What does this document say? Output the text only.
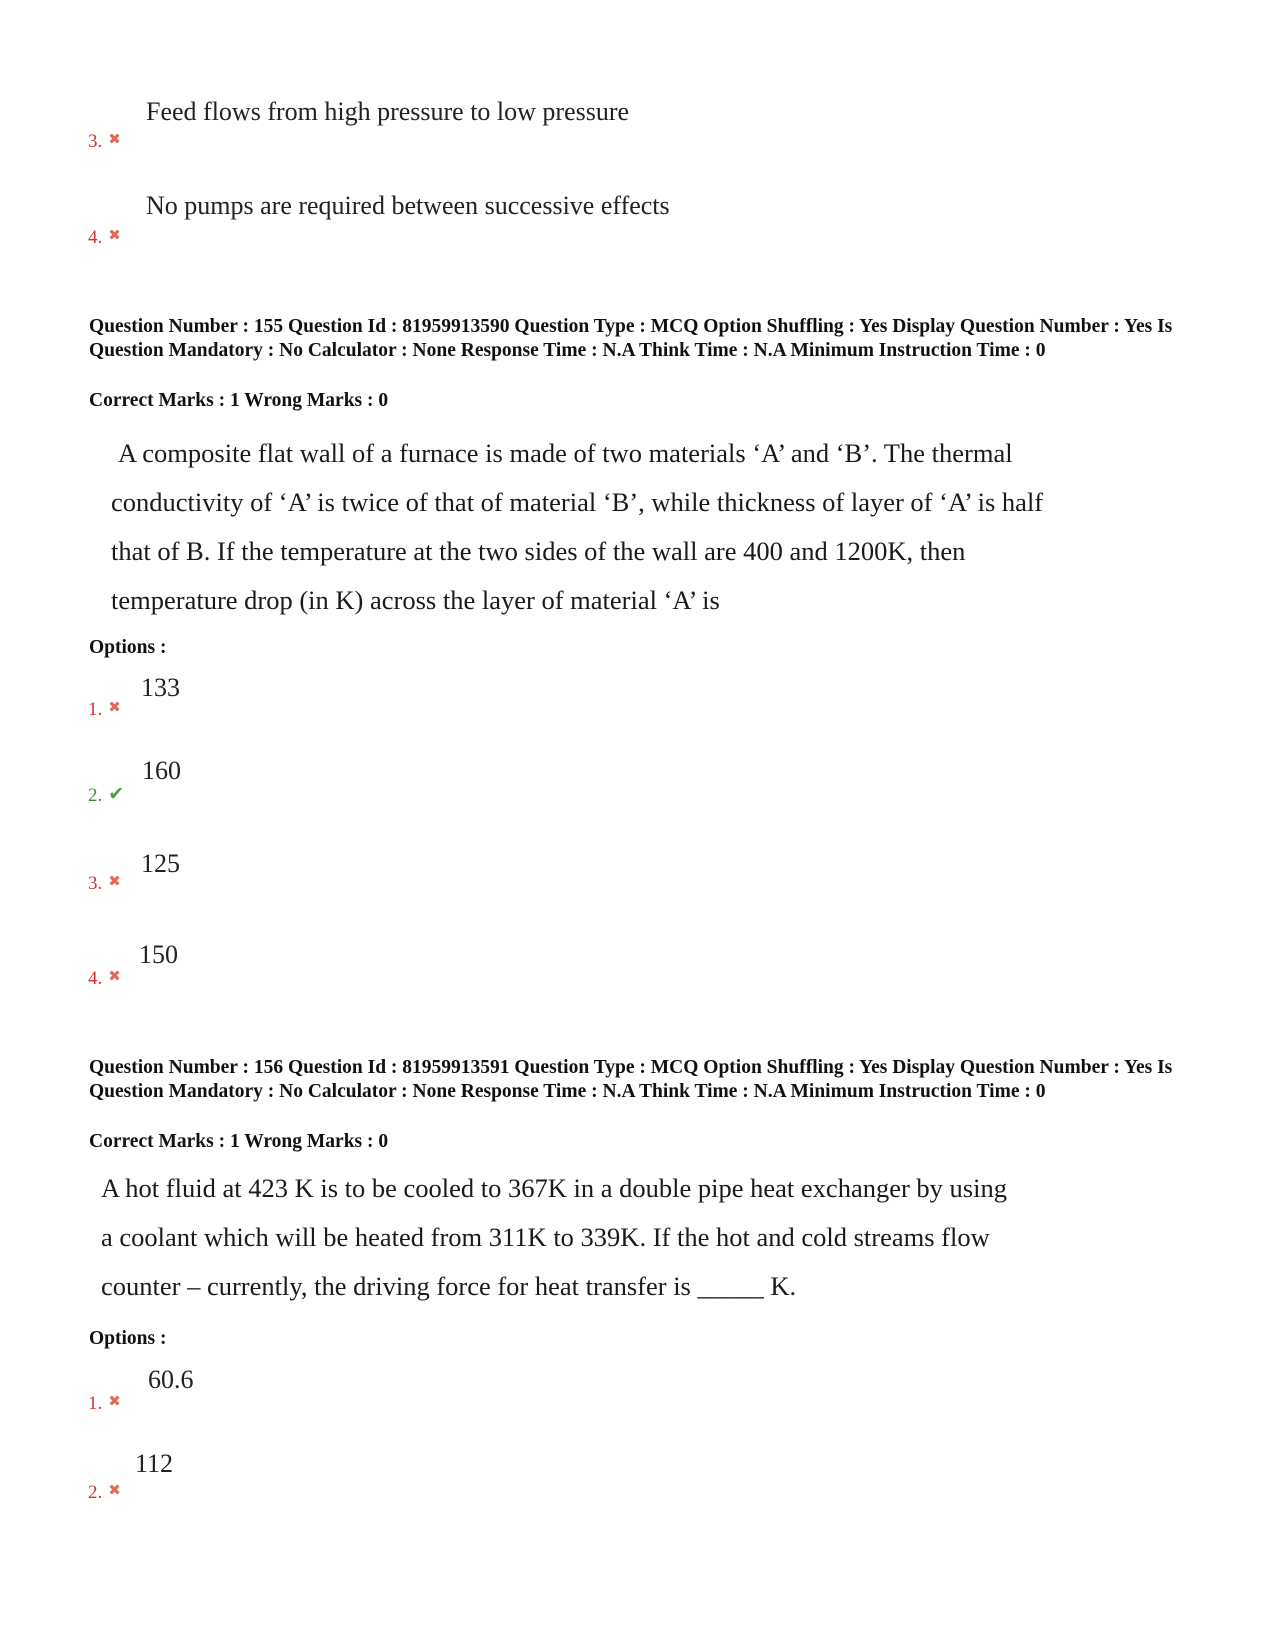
Feed flows from high pressure to low pressure
3. ✖
No pumps are required between successive effects
4. ✖
Question Number : 155 Question Id : 81959913590 Question Type : MCQ Option Shuffling : Yes Display Question Number : Yes Is Question Mandatory : No Calculator : None Response Time : N.A Think Time : N.A Minimum Instruction Time : 0
Correct Marks : 1 Wrong Marks : 0
A composite flat wall of a furnace is made of two materials ‘A’ and ‘B’. The thermal
conductivity of ‘A’ is twice of that of material ‘B’, while thickness of layer of ‘A’ is half
that of B. If the temperature at the two sides of the wall are 400 and 1200K, then
temperature drop (in K) across the layer of material ‘A’ is
Options :
133
1. ✖
160
2. ✔
125
3. ✖
150
4. ✖
Question Number : 156 Question Id : 81959913591 Question Type : MCQ Option Shuffling : Yes Display Question Number : Yes Is Question Mandatory : No Calculator : None Response Time : N.A Think Time : N.A Minimum Instruction Time : 0
Correct Marks : 1 Wrong Marks : 0
A hot fluid at 423 K is to be cooled to 367K in a double pipe heat exchanger by using
a coolant which will be heated from 311K to 339K. If the hot and cold streams flow
counter – currently, the driving force for heat transfer is _____ K.
Options :
60.6
1. ✖
112
2. ✖
